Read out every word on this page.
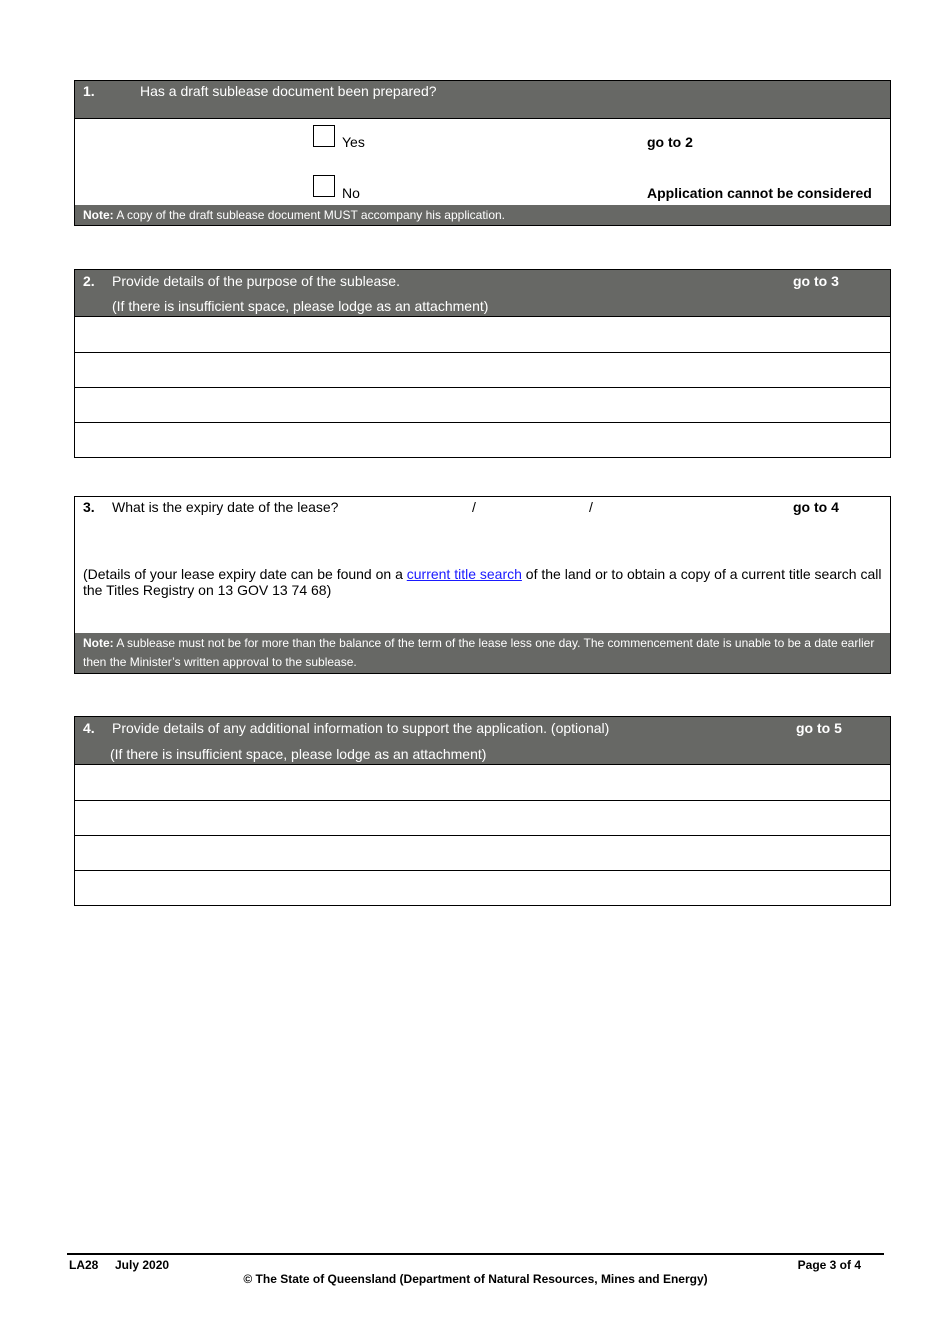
1.	Has a draft sublease document been prepared?
Yes	go to 2
No	Application cannot be considered
Note: A copy of the draft sublease document MUST accompany his application.
2. Provide details of the purpose of the sublease.	go to 3
(If there is insufficient space, please lodge as an attachment)
3. What is the expiry date of the lease?	/	/	go to 4
(Details of your lease expiry date can be found on a current title search of the land or to obtain a copy of a current title search call the Titles Registry on 13 GOV 13 74 68)
Note: A sublease must not be for more than the balance of the term of the lease less one day. The commencement date is unable to be a date earlier then the Minister’s written approval to the sublease.
4. Provide details of any additional information to support the application. (optional)	go to 5
(If there is insufficient space, please lodge as an attachment)
LA28 July 2020	Page 3 of 4
© The State of Queensland (Department of Natural Resources, Mines and Energy)
